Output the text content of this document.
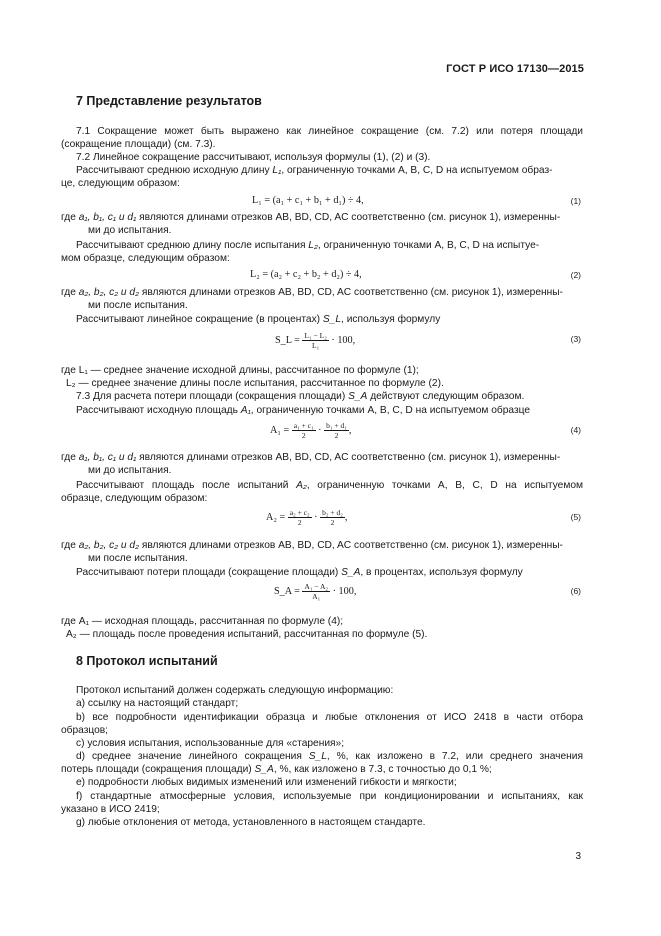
ГОСТ Р ИСО 17130—2015
7 Представление результатов
7.1 Сокращение может быть выражено как линейное сокращение (см. 7.2) или потеря площади
(сокращение площади) (см. 7.3).
7.2 Линейное сокращение рассчитывают, используя формулы (1), (2) и (3).
Рассчитывают среднюю исходную длину L₁, ограниченную точками A, B, C, D на испытуемом образ-
це, следующим образом:
L₁ = (a₁ + c₁ + b₁ + d₁) ÷ 4,	(1)
где a₁, b₁, c₁ и d₁ являются длинами отрезков AB, BD, CD, AC соответственно (см. рисунок 1), измеренны-
ми до испытания.
Рассчитывают среднюю длину после испытания L₂, ограниченную точками A, B, C, D на испытуе-
мом образце, следующим образом:
L₂ = (a₂ + c₂ + b₂ + d₂) ÷ 4,	(2)
где a₂, b₂, c₂ и d₂ являются длинами отрезков AB, BD, CD, AC соответственно (см. рисунок 1), измеренны-
ми после испытания.
Рассчитывают линейное сокращение (в процентах) S_L, используя формулу
S_L = $\frac{\text{L₁ − L₂}}{\text{L₁}} \cdot 100$,	(3)
где L₁ — среднее значение исходной длины, рассчитанное по формуле (1);
L₂ — среднее значение длины после испытания, рассчитанное по формуле (2).
7.3 Для расчета потери площади (сокращения площади) S_A действуют следующим образом.
Рассчитывают исходную площадь A₁, ограниченную точками A, B, C, D на испытуемом образце
$A_1 = \frac{\text{a₁ + c₁}}{2} \cdot \frac{\text{b₁ + d₁}}{2}$ ,	(4)
где a₁, b₁, c₁ и d₁ являются длинами отрезков AB, BD, CD, AC соответственно (см. рисунок 1), измеренны-
ми до испытания.
Рассчитывают площадь после испытаний A₂, ограниченную точками A, B, C, D на испытуемом
образце, следующим образом:
$A_2 = \frac{\text{a₂ + c₂}}{2} \cdot \frac{\text{b₂ + d₂}}{2}$ ,	(5)
где a₂, b₂, c₂ и d₂ являются длинами отрезков AB, BD, CD, AC соответственно (см. рисунок 1), измеренны-
ми после испытания.
Рассчитывают потери площади (сокращение площади) S_A, в процентах, используя формулу
S_A = $\frac{\text{A₁ − A₂}}{\text{A₁}} \cdot 100$,	(6)
где A₁ — исходная площадь, рассчитанная по формуле (4);
A₂ — площадь после проведения испытаний, рассчитанная по формуле (5).
8 Протокол испытаний
Протокол испытаний должен содержать следующую информацию:
a) ссылку на настоящий стандарт;
b) все подробности идентификации образца и любые отклонения от ИСО 2418 в части отбора
образцов;
c) условия испытания, использованные для «старения»;
d) среднее значение линейного сокращения S_L, %, как изложено в 7.2, или среднего значения
потерь площади (сокращения площади) S_A, %, как изложено в 7.3, с точностью до 0,1 %;
e) подробности любых видимых изменений или изменений гибкости и мягкости;
f) стандартные атмосферные условия, используемые при кондиционировании и испытаниях, как
указано в ИСО 2419;
g) любые отклонения от метода, установленного в настоящем стандарте.
3
